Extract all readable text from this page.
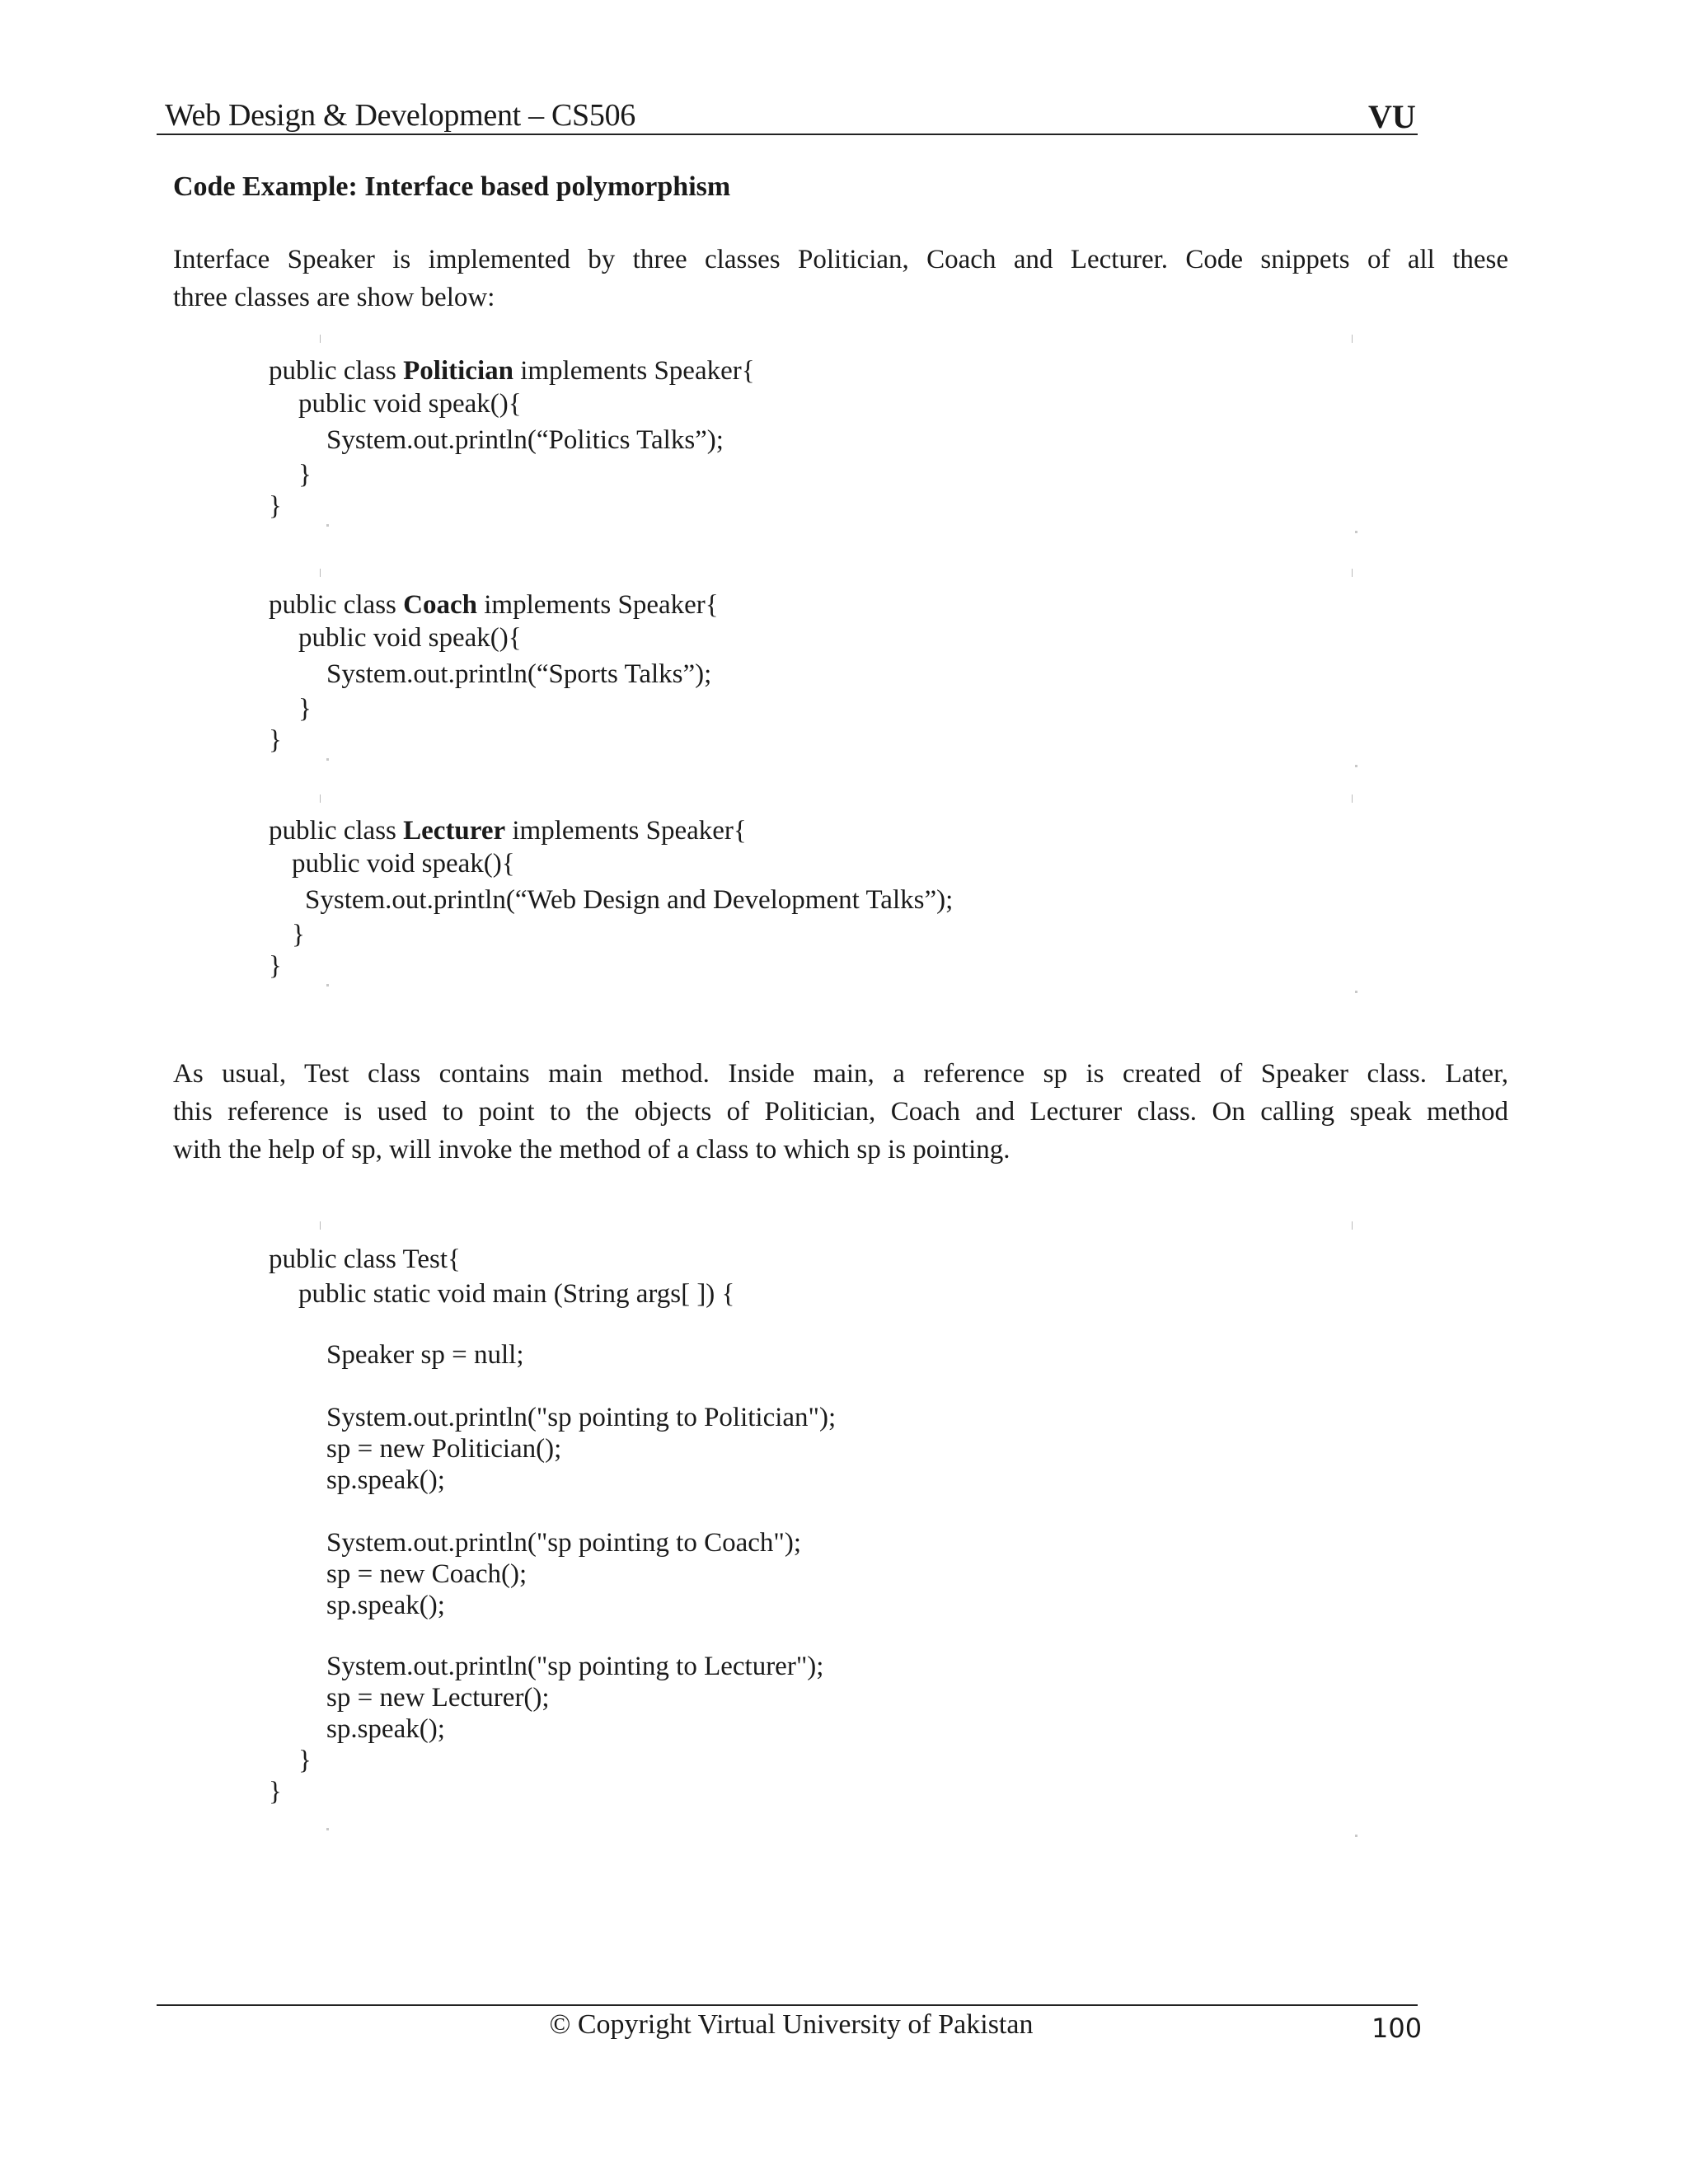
Web Design & Development – CS506	VU
Code Example: Interface based polymorphism
Interface Speaker is implemented by three classes Politician, Coach and Lecturer. Code snippets of all these
three classes are show below:

public class Politician implements Speaker{

public void speak(){

System.out.println(“Politics Talks”);

}

}

public class Coach implements Speaker{

public void speak(){

System.out.println(“Sports Talks”);

}

}

public class Lecturer implements Speaker{

public void speak(){

System.out.println(“Web Design and Development Talks”);

}

}

As usual, Test class contains main method. Inside main, a reference sp is created of Speaker class. Later,
this reference is used to point to the objects of Politician, Coach and Lecturer class. On calling speak method
with the help of sp, will invoke the method of a class to which sp is pointing.

public class Test{

public static void main (String args[ ]) {

Speaker sp = null;

System.out.println("sp pointing to Politician");

sp = new Politician();

sp.speak();

System.out.println("sp pointing to Coach");

sp = new Coach();

sp.speak();

System.out.println("sp pointing to Lecturer");

sp = new Lecturer();

sp.speak();

}

}

© Copyright Virtual University of Pakistan	100
